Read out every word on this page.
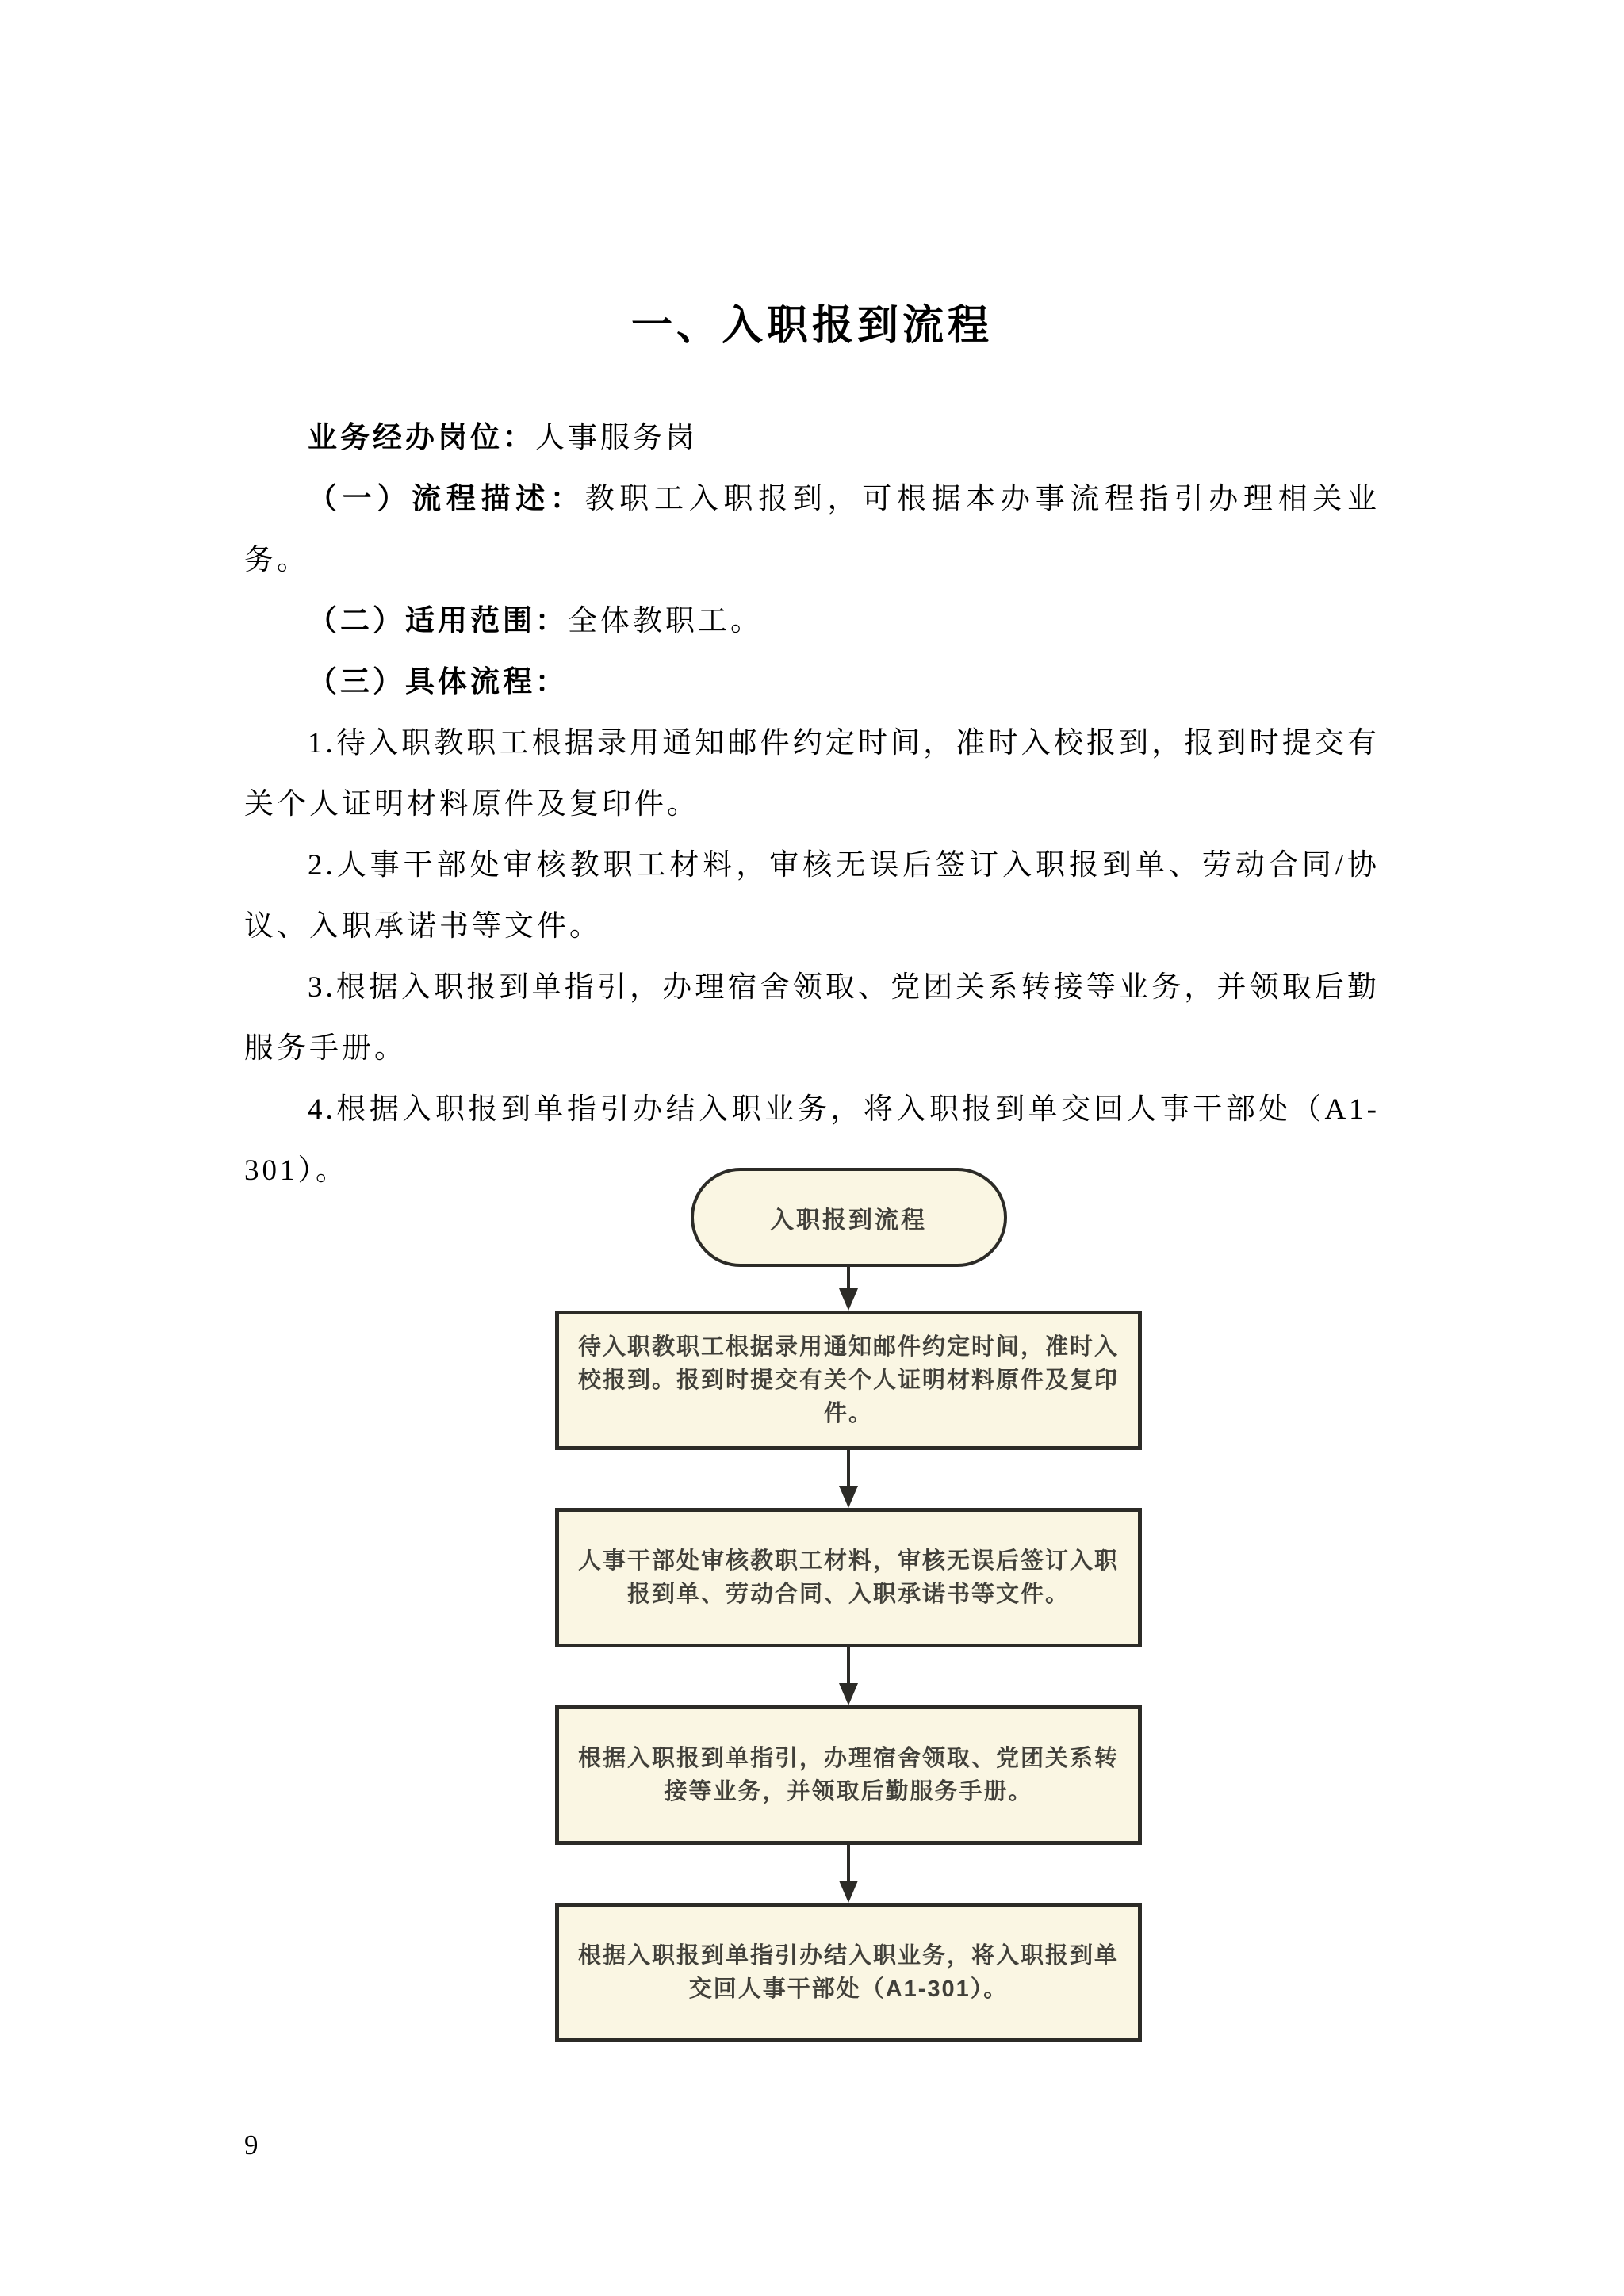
一、入职报到流程

业务经办岗位：人事服务岗

（一）流程描述：教职工入职报到，可根据本办事流程指引办理相关业务。

（二）适用范围：全体教职工。

（三）具体流程：

1.待入职教职工根据录用通知邮件约定时间，准时入校报到，报到时提交有关个人证明材料原件及复印件。

2.人事干部处审核教职工材料，审核无误后签订入职报到单、劳动合同/协议、入职承诺书等文件。

3.根据入职报到单指引，办理宿舍领取、党团关系转接等业务，并领取后勤服务手册。

4.根据入职报到单指引办结入职业务，将入职报到单交回人事干部处（A1-301）。

入职报到流程
待入职教职工根据录用通知邮件约定时间，准时入校报到。报到时提交有关个人证明材料原件及复印件。
人事干部处审核教职工材料，审核无误后签订入职报到单、劳动合同、入职承诺书等文件。
根据入职报到单指引，办理宿舍领取、党团关系转接等业务，并领取后勤服务手册。
根据入职报到单指引办结入职业务，将入职报到单交回人事干部处（A1-301）。
9
